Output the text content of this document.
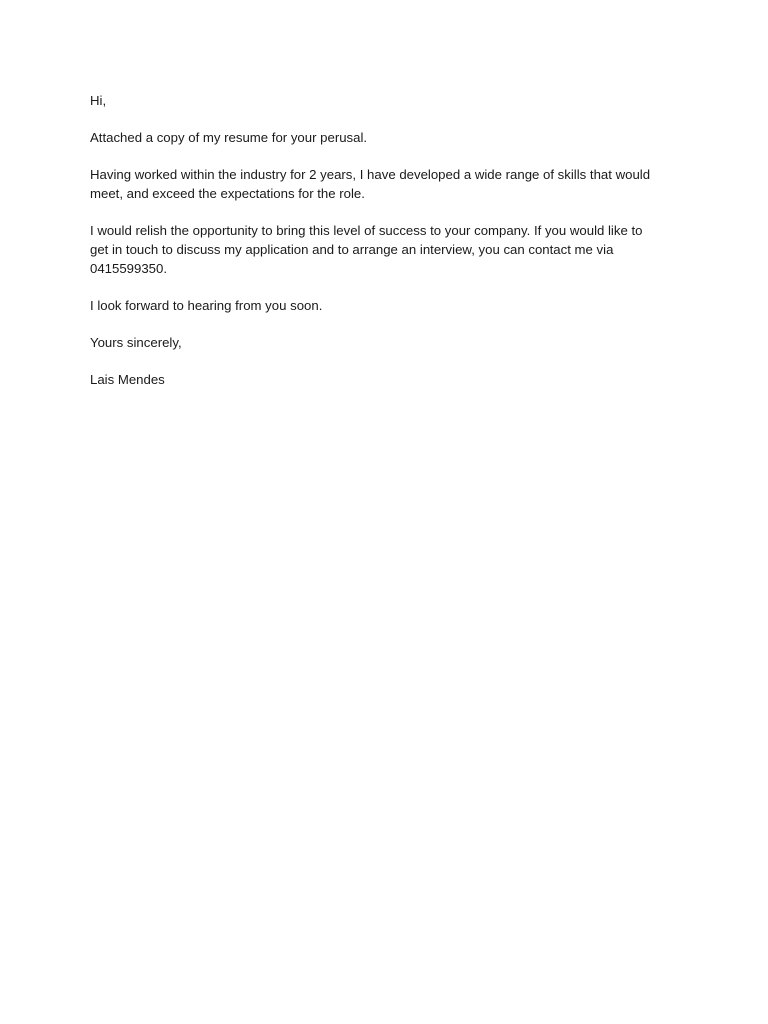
Hi,

Attached a copy of my resume for your perusal.

Having worked within the industry for 2 years, I have developed a wide range of skills that would
meet, and exceed the expectations for the role.

I would relish the opportunity to bring this level of success to your company. If you would like to
get in touch to discuss my application and to arrange an interview, you can contact me via
0415599350.

I look forward to hearing from you soon.

Yours sincerely,

Lais Mendes
